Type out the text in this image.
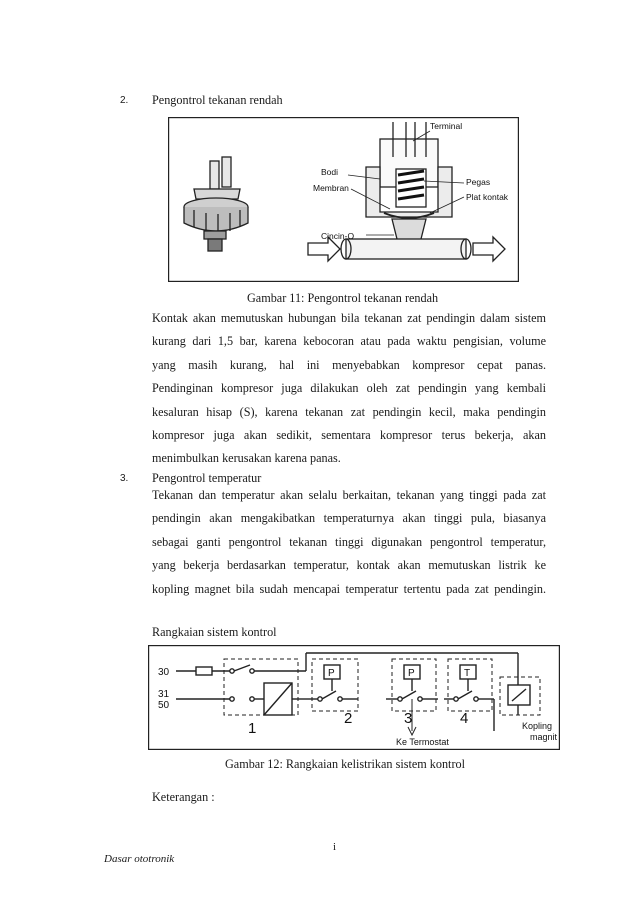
2. Pengontrol tekanan rendah
Terminal
Bodi
Pegas
Membran
Plat kontak
Cincin-O
Gambar 11: Pengontrol tekanan rendah
Kontak akan memutuskan hubungan bila tekanan zat pendingin dalam sistem
kurang dari 1,5 bar, karena kebocoran atau pada waktu pengisian, volume
yang masih kurang, hal ini menyebabkan kompresor cepat panas.
Pendinginan kompresor juga dilakukan oleh zat pendingin yang kembali
kesaluran hisap (S), karena tekanan zat pendingin kecil, maka pendingin
kompresor juga akan sedikit, sementara kompresor terus bekerja, akan
menimbulkan kerusakan karena panas.
3. Pengontrol temperatur
Tekanan dan temperatur akan selalu berkaitan, tekanan yang tinggi pada zat
pendingin akan mengakibatkan temperaturnya akan tinggi pula, biasanya
sebagai ganti pengontrol tekanan tinggi digunakan pengontrol temperatur,
yang bekerja berdasarkan temperatur, kontak akan memutuskan listrik ke
kopling magnet bila sudah mencapai temperatur tertentu pada zat pendingin.
Rangkaian sistem kontrol
30
31
50
1
2	3	4
P	P	T
Ke Termostat
Kopling
magnit
Gambar 12: Rangkaian kelistrikan sistem kontrol
Keterangan :
i
Dasar ototronik
